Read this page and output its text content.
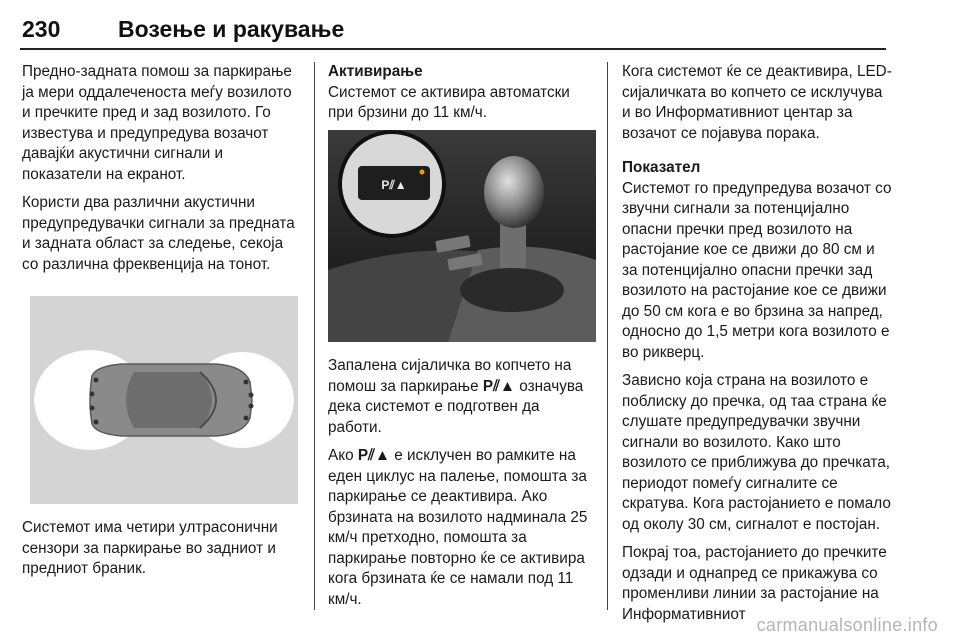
230	Возење и ракување

Предно-задната помош за паркирање ја мери оддалеченоста меѓу возилото и пречките пред и зад возилото. Го известува и предупредува возачот давајќи акустични сигнали и показатели на екранот.

Користи два различни акустични предупредувачки сигнали за предната и задната област за следење, секоја со различна фреквенција на тонот.

Системот има четири ултрасонични сензори за паркирање во задниот и предниот браник.

Активирање

Системот се активира автоматски при брзини до 11 км/ч.

P⫽▲

Запалена сијаличка во копчето на помош за паркирање P⫽▲ означува дека системот е подготвен да работи.

Ако P⫽▲ е исклучен во рамките на еден циклус на палење, помошта за паркирање се деактивира. Ако брзината на возилото надминала 25 км/ч претходно, помошта за паркирање повторно ќе се активира кога брзината ќе се намали под 11 км/ч.

Кога системот ќе се деактивира, LED-сијаличката во копчето се исклучува и во Информативниот центар за возачот се појавува порака.

Показател

Системот го предупредува возачот со звучни сигнали за потенцијално опасни пречки пред возилото на растојание кое се движи до 80 см и за потенцијално опасни пречки зад возилото на растојание кое се движи до 50 см кога е во брзина за напред, односно до 1,5 метри кога возилото е во рикверц.

Зависно која страна на возилото е поблиску до пречка, од таа страна ќе слушате предупредувачки звучни сигнали во возилото. Како што возилото се приближува до пречката, периодот помеѓу сигналите се скратува. Кога растојанието е помало од околу 30 см, сигналот е постојан.

Покрај тоа, растојанието до пречките одзади и однапред се прикажува со променливи линии за растојание на Информативниот

carmanualsonline.info
